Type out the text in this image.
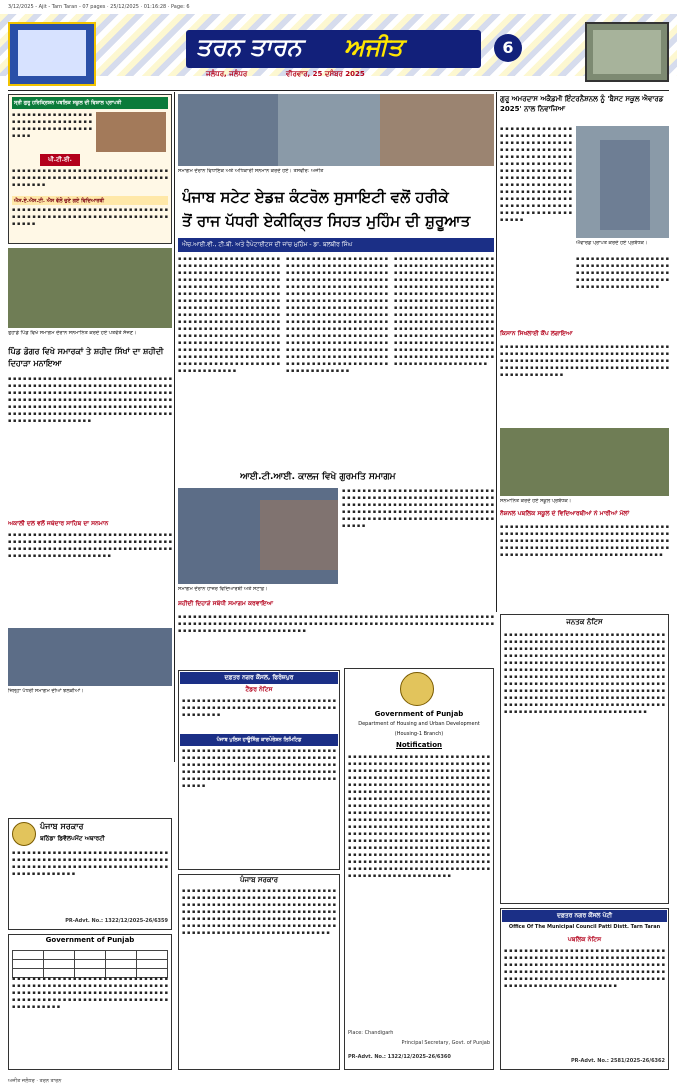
3/12/2025 - Ajit - Tarn Taran - 07 pages · 25/12/2025 · 01:16:28 · Page: 6
ਤਰਨ ਤਾਰਨ ਅਜੀਤ	6
ਜਲੰਧਰ, ਜਲੰਧਰ	ਵੀਰਵਾਰ, 25 ਦਸੰਬਰ 2025
ਸ੍ਰੀ ਗੁਰੂ ਹਰਿਕ੍ਰਿਸ਼ਨ ਪਬਲਿਕ ਸਕੂਲ ਦੀ ਵਿਸ਼ਾਲ ਪ੍ਰਾਪਤੀ
▪ ▪ ▪ ▪ ▪ ▪ ▪ ▪ ▪ ▪ ▪ ▪ ▪ ▪ ▪ ▪ ▪ ▪ ▪ ▪ ▪ ▪ ▪ ▪ ▪ ▪ ▪ ▪ ▪ ▪ ▪ ▪ ▪ ▪ ▪ ▪ ▪ ▪ ▪ ▪ ▪ ▪ ▪ ▪ ▪ ▪ ▪ ▪ ▪ ▪ ▪ ▪
ਪੀ.ਟੀ.ਈ.
▪ ▪ ▪ ▪ ▪ ▪ ▪ ▪ ▪ ▪ ▪ ▪ ▪ ▪ ▪ ▪ ▪ ▪ ▪ ▪ ▪ ▪ ▪ ▪ ▪ ▪ ▪ ▪ ▪ ▪ ▪ ▪ ▪ ▪ ▪ ▪ ▪ ▪ ▪ ▪ ▪ ▪ ▪ ▪ ▪ ▪ ▪ ▪ ▪ ▪ ▪ ▪ ▪ ▪ ▪ ▪ ▪ ▪ ▪ ▪ ▪ ▪ ▪ ▪ ▪ ▪ ▪ ▪ ▪
ਐਸ.ਏ.ਐਸ.ਟੀ. ਐਸ ਵੱਲੋਂ ਚੁਣੇ ਗਏ ਵਿਦਿਆਰਥੀ
▪ ▪ ▪ ▪ ▪ ▪ ▪ ▪ ▪ ▪ ▪ ▪ ▪ ▪ ▪ ▪ ▪ ▪ ▪ ▪ ▪ ▪ ▪ ▪ ▪ ▪ ▪ ▪ ▪ ▪ ▪ ▪ ▪ ▪ ▪ ▪ ▪ ▪ ▪ ▪ ▪ ▪ ▪ ▪ ▪ ▪ ▪ ▪ ▪ ▪ ▪ ▪ ▪ ▪ ▪ ▪ ▪ ▪ ▪ ▪ ▪ ▪ ▪ ▪ ▪ ▪ ▪
ਤੁਹਾਡੇ ਪਿੰਡ ਵਿਖੇ ਸਮਾਗਮ ਦੌਰਾਨ ਸਨਮਾਨਿਤ ਕਰਦੇ ਹੋਏ ਪਤਵੰਤੇ ਸੱਜਣ।
ਪਿੰਡ ਡੋਗਰ ਵਿਖੇ ਸਮਾਰਕਾਂ ਤੇ ਸ਼ਹੀਦ ਸਿੱਖਾਂ ਦਾ ਸ਼ਹੀਦੀ ਦਿਹਾੜਾ ਮਨਾਇਆ
▪ ▪ ▪ ▪ ▪ ▪ ▪ ▪ ▪ ▪ ▪ ▪ ▪ ▪ ▪ ▪ ▪ ▪ ▪ ▪ ▪ ▪ ▪ ▪ ▪ ▪ ▪ ▪ ▪ ▪ ▪ ▪ ▪ ▪ ▪ ▪ ▪ ▪ ▪ ▪ ▪ ▪ ▪ ▪ ▪ ▪ ▪ ▪ ▪ ▪ ▪ ▪ ▪ ▪ ▪ ▪ ▪ ▪ ▪ ▪ ▪ ▪ ▪ ▪ ▪ ▪ ▪ ▪ ▪ ▪ ▪ ▪ ▪ ▪ ▪ ▪ ▪ ▪ ▪ ▪ ▪ ▪ ▪ ▪ ▪ ▪ ▪ ▪ ▪ ▪ ▪ ▪ ▪ ▪ ▪ ▪ ▪ ▪ ▪ ▪ ▪ ▪ ▪ ▪ ▪ ▪ ▪ ▪ ▪ ▪ ▪ ▪ ▪ ▪ ▪ ▪ ▪ ▪ ▪ ▪ ▪ ▪ ▪ ▪ ▪ ▪ ▪ ▪ ▪ ▪ ▪ ▪ ▪ ▪ ▪ ▪ ▪ ▪ ▪ ▪ ▪ ▪ ▪ ▪ ▪ ▪ ▪ ▪ ▪ ▪ ▪ ▪ ▪ ▪ ▪ ▪ ▪ ▪ ▪ ▪ ▪ ▪ ▪ ▪ ▪ ▪ ▪ ▪ ▪ ▪ ▪ ▪ ▪ ▪ ▪ ▪ ▪ ▪ ▪ ▪ ▪ ▪ ▪ ▪ ▪ ▪ ▪ ▪ ▪ ▪ ▪ ▪ ▪ ▪ ▪ ▪ ▪ ▪ ▪ ▪ ▪ ▪ ▪ ▪ ▪ ▪ ▪ ▪ ▪ ▪ ▪ ▪ ▪ ▪ ▪
ਅਕਾਲੀ ਦਲ ਵਲੋਂ ਜਥੇਦਾਰ ਸਾਹਿਬ ਦਾ ਸਨਮਾਨ
▪ ▪ ▪ ▪ ▪ ▪ ▪ ▪ ▪ ▪ ▪ ▪ ▪ ▪ ▪ ▪ ▪ ▪ ▪ ▪ ▪ ▪ ▪ ▪ ▪ ▪ ▪ ▪ ▪ ▪ ▪ ▪ ▪ ▪ ▪ ▪ ▪ ▪ ▪ ▪ ▪ ▪ ▪ ▪ ▪ ▪ ▪ ▪ ▪ ▪ ▪ ▪ ▪ ▪ ▪ ▪ ▪ ▪ ▪ ▪ ▪ ▪ ▪ ▪ ▪ ▪ ▪ ▪ ▪ ▪ ▪ ▪ ▪ ▪ ▪ ▪ ▪ ▪ ▪ ▪ ▪ ▪ ▪ ▪ ▪ ▪ ▪ ▪ ▪ ▪ ▪ ▪ ▪ ▪ ▪ ▪ ▪ ▪ ▪ ▪ ▪ ▪ ▪ ▪ ▪ ▪ ▪ ▪ ▪ ▪ ▪ ▪ ▪ ▪ ▪ ▪ ▪ ▪ ▪ ▪
ਜ਼ਿਲ੍ਹਾ ਪੱਧਰੀ ਸਮਾਗਮ ਦੀਆਂ ਝਲਕੀਆਂ।
ਸਮਾਗਮ ਦੌਰਾਨ ਵਿਧਾਇਕ ਅਤੇ ਅਧਿਕਾਰੀ ਸਨਮਾਨ ਕਰਦੇ ਹੋਏ। ਤਸਵੀਰ: ਅਜੀਤ
ਪੰਜਾਬ ਸਟੇਟ ਏਡਜ਼ ਕੰਟਰੋਲ ਸੁਸਾਇਟੀ ਵਲੋਂ ਹਰੀਕੇ
ਤੋਂ ਰਾਜ ਪੱਧਰੀ ਏਕੀਕ੍ਰਿਤ ਸਿਹਤ ਮੁਹਿੰਮ ਦੀ ਸ਼ੁਰੂਆਤ
ਐਚ.ਆਈ.ਵੀ., ਟੀ.ਬੀ. ਅਤੇ ਹੈਪੇਟਾਈਟਸ ਦੀ ਜਾਂਚ ਮੁਹਿੰਮ - ਡਾ. ਬਲਬੀਰ ਸਿੰਘ
▪ ▪ ▪ ▪ ▪ ▪ ▪ ▪ ▪ ▪ ▪ ▪ ▪ ▪ ▪ ▪ ▪ ▪ ▪ ▪ ▪ ▪ ▪ ▪ ▪ ▪ ▪ ▪ ▪ ▪ ▪ ▪ ▪ ▪ ▪ ▪ ▪ ▪ ▪ ▪ ▪ ▪ ▪ ▪ ▪ ▪ ▪ ▪ ▪ ▪ ▪ ▪ ▪ ▪ ▪ ▪ ▪ ▪ ▪ ▪ ▪ ▪ ▪ ▪ ▪ ▪ ▪ ▪ ▪ ▪ ▪ ▪ ▪ ▪ ▪ ▪ ▪ ▪ ▪ ▪ ▪ ▪ ▪ ▪ ▪ ▪ ▪ ▪ ▪ ▪ ▪ ▪ ▪ ▪ ▪ ▪ ▪ ▪ ▪ ▪ ▪ ▪ ▪ ▪ ▪ ▪ ▪ ▪ ▪ ▪ ▪ ▪ ▪ ▪ ▪ ▪ ▪ ▪ ▪ ▪ ▪ ▪ ▪ ▪ ▪ ▪ ▪ ▪ ▪ ▪ ▪ ▪ ▪ ▪ ▪ ▪ ▪ ▪ ▪ ▪ ▪ ▪ ▪ ▪ ▪ ▪ ▪ ▪ ▪ ▪ ▪ ▪ ▪ ▪ ▪ ▪ ▪ ▪ ▪ ▪ ▪ ▪ ▪ ▪ ▪ ▪ ▪ ▪ ▪ ▪ ▪ ▪ ▪ ▪ ▪ ▪ ▪ ▪ ▪ ▪ ▪ ▪ ▪ ▪ ▪ ▪ ▪ ▪ ▪ ▪ ▪ ▪ ▪ ▪ ▪ ▪ ▪ ▪ ▪ ▪ ▪ ▪ ▪ ▪ ▪ ▪ ▪ ▪ ▪ ▪ ▪ ▪ ▪ ▪ ▪ ▪ ▪ ▪ ▪ ▪ ▪ ▪ ▪ ▪ ▪ ▪ ▪ ▪ ▪ ▪ ▪ ▪ ▪ ▪ ▪ ▪ ▪ ▪ ▪ ▪ ▪ ▪ ▪ ▪ ▪ ▪ ▪ ▪ ▪ ▪ ▪ ▪ ▪ ▪ ▪ ▪ ▪ ▪ ▪ ▪ ▪ ▪ ▪ ▪ ▪ ▪ ▪ ▪ ▪ ▪ ▪ ▪ ▪ ▪ ▪ ▪ ▪ ▪ ▪ ▪ ▪ ▪ ▪ ▪ ▪ ▪ ▪ ▪ ▪ ▪ ▪ ▪ ▪ ▪ ▪ ▪ ▪ ▪ ▪ ▪ ▪ ▪ ▪ ▪ ▪ ▪ ▪ ▪ ▪ ▪ ▪ ▪ ▪ ▪ ▪ ▪ ▪ ▪ ▪ ▪ ▪ ▪ ▪ ▪ ▪ ▪ ▪ ▪ ▪ ▪ ▪ ▪
▪ ▪ ▪ ▪ ▪ ▪ ▪ ▪ ▪ ▪ ▪ ▪ ▪ ▪ ▪ ▪ ▪ ▪ ▪ ▪ ▪ ▪ ▪ ▪ ▪ ▪ ▪ ▪ ▪ ▪ ▪ ▪ ▪ ▪ ▪ ▪ ▪ ▪ ▪ ▪ ▪ ▪ ▪ ▪ ▪ ▪ ▪ ▪ ▪ ▪ ▪ ▪ ▪ ▪ ▪ ▪ ▪ ▪ ▪ ▪ ▪ ▪ ▪ ▪ ▪ ▪ ▪ ▪ ▪ ▪ ▪ ▪ ▪ ▪ ▪ ▪ ▪ ▪ ▪ ▪ ▪ ▪ ▪ ▪ ▪ ▪ ▪ ▪ ▪ ▪ ▪ ▪ ▪ ▪ ▪ ▪ ▪ ▪ ▪ ▪ ▪ ▪ ▪ ▪ ▪ ▪ ▪ ▪ ▪ ▪ ▪ ▪ ▪ ▪ ▪ ▪ ▪ ▪ ▪ ▪ ▪ ▪ ▪ ▪ ▪ ▪ ▪ ▪ ▪ ▪ ▪ ▪ ▪ ▪ ▪ ▪ ▪ ▪ ▪ ▪ ▪ ▪ ▪ ▪ ▪ ▪ ▪ ▪ ▪ ▪ ▪ ▪ ▪ ▪ ▪ ▪ ▪ ▪ ▪ ▪ ▪ ▪ ▪ ▪ ▪ ▪ ▪ ▪ ▪ ▪ ▪ ▪ ▪ ▪ ▪ ▪ ▪ ▪ ▪ ▪ ▪ ▪ ▪ ▪ ▪ ▪ ▪ ▪ ▪ ▪ ▪ ▪ ▪ ▪ ▪ ▪ ▪ ▪ ▪ ▪ ▪ ▪ ▪ ▪ ▪ ▪ ▪ ▪ ▪ ▪ ▪ ▪ ▪ ▪ ▪ ▪ ▪ ▪ ▪ ▪ ▪ ▪ ▪ ▪ ▪ ▪ ▪ ▪ ▪ ▪ ▪ ▪ ▪ ▪ ▪ ▪ ▪ ▪ ▪ ▪ ▪ ▪ ▪ ▪ ▪ ▪ ▪ ▪ ▪ ▪ ▪ ▪ ▪ ▪ ▪ ▪ ▪ ▪ ▪ ▪ ▪ ▪ ▪ ▪ ▪ ▪ ▪ ▪ ▪ ▪ ▪ ▪ ▪ ▪ ▪ ▪ ▪ ▪ ▪ ▪ ▪ ▪ ▪ ▪ ▪ ▪ ▪ ▪ ▪ ▪ ▪ ▪ ▪ ▪ ▪ ▪ ▪ ▪ ▪ ▪ ▪ ▪ ▪ ▪ ▪ ▪ ▪ ▪ ▪ ▪ ▪ ▪ ▪ ▪ ▪ ▪ ▪ ▪ ▪ ▪ ▪ ▪ ▪ ▪ ▪ ▪ ▪ ▪ ▪ ▪ ▪ ▪ ▪
▪ ▪ ▪ ▪ ▪ ▪ ▪ ▪ ▪ ▪ ▪ ▪ ▪ ▪ ▪ ▪ ▪ ▪ ▪ ▪ ▪ ▪ ▪ ▪ ▪ ▪ ▪ ▪ ▪ ▪ ▪ ▪ ▪ ▪ ▪ ▪ ▪ ▪ ▪ ▪ ▪ ▪ ▪ ▪ ▪ ▪ ▪ ▪ ▪ ▪ ▪ ▪ ▪ ▪ ▪ ▪ ▪ ▪ ▪ ▪ ▪ ▪ ▪ ▪ ▪ ▪ ▪ ▪ ▪ ▪ ▪ ▪ ▪ ▪ ▪ ▪ ▪ ▪ ▪ ▪ ▪ ▪ ▪ ▪ ▪ ▪ ▪ ▪ ▪ ▪ ▪ ▪ ▪ ▪ ▪ ▪ ▪ ▪ ▪ ▪ ▪ ▪ ▪ ▪ ▪ ▪ ▪ ▪ ▪ ▪ ▪ ▪ ▪ ▪ ▪ ▪ ▪ ▪ ▪ ▪ ▪ ▪ ▪ ▪ ▪ ▪ ▪ ▪ ▪ ▪ ▪ ▪ ▪ ▪ ▪ ▪ ▪ ▪ ▪ ▪ ▪ ▪ ▪ ▪ ▪ ▪ ▪ ▪ ▪ ▪ ▪ ▪ ▪ ▪ ▪ ▪ ▪ ▪ ▪ ▪ ▪ ▪ ▪ ▪ ▪ ▪ ▪ ▪ ▪ ▪ ▪ ▪ ▪ ▪ ▪ ▪ ▪ ▪ ▪ ▪ ▪ ▪ ▪ ▪ ▪ ▪ ▪ ▪ ▪ ▪ ▪ ▪ ▪ ▪ ▪ ▪ ▪ ▪ ▪ ▪ ▪ ▪ ▪ ▪ ▪ ▪ ▪ ▪ ▪ ▪ ▪ ▪ ▪ ▪ ▪ ▪ ▪ ▪ ▪ ▪ ▪ ▪ ▪ ▪ ▪ ▪ ▪ ▪ ▪ ▪ ▪ ▪ ▪ ▪ ▪ ▪ ▪ ▪ ▪ ▪ ▪ ▪ ▪ ▪ ▪ ▪ ▪ ▪ ▪ ▪ ▪ ▪ ▪ ▪ ▪ ▪ ▪ ▪ ▪ ▪ ▪ ▪ ▪ ▪ ▪ ▪ ▪ ▪ ▪ ▪ ▪ ▪ ▪ ▪ ▪ ▪ ▪ ▪ ▪ ▪ ▪ ▪ ▪ ▪ ▪ ▪ ▪ ▪ ▪ ▪ ▪ ▪ ▪ ▪ ▪ ▪ ▪ ▪ ▪ ▪ ▪ ▪ ▪ ▪ ▪ ▪ ▪ ▪ ▪ ▪ ▪ ▪ ▪ ▪ ▪ ▪ ▪ ▪ ▪
ਆਈ.ਟੀ.ਆਈ. ਕਾਲਜ ਵਿਖੇ ਗੁਰਮਤਿ ਸਮਾਗਮ
▪ ▪ ▪ ▪ ▪ ▪ ▪ ▪ ▪ ▪ ▪ ▪ ▪ ▪ ▪ ▪ ▪ ▪ ▪ ▪ ▪ ▪ ▪ ▪ ▪ ▪ ▪ ▪ ▪ ▪ ▪ ▪ ▪ ▪ ▪ ▪ ▪ ▪ ▪ ▪ ▪ ▪ ▪ ▪ ▪ ▪ ▪ ▪ ▪ ▪ ▪ ▪ ▪ ▪ ▪ ▪ ▪ ▪ ▪ ▪ ▪ ▪ ▪ ▪ ▪ ▪ ▪ ▪ ▪ ▪ ▪ ▪ ▪ ▪ ▪ ▪ ▪ ▪ ▪ ▪ ▪ ▪ ▪ ▪ ▪ ▪ ▪ ▪ ▪ ▪ ▪ ▪ ▪ ▪ ▪ ▪ ▪ ▪ ▪ ▪ ▪ ▪ ▪ ▪ ▪ ▪ ▪ ▪ ▪ ▪ ▪ ▪ ▪ ▪ ▪ ▪ ▪ ▪ ▪ ▪ ▪ ▪ ▪ ▪ ▪ ▪ ▪ ▪ ▪ ▪ ▪ ▪ ▪ ▪ ▪ ▪ ▪ ▪ ▪ ▪ ▪ ▪ ▪ ▪ ▪ ▪ ▪ ▪ ▪ ▪ ▪ ▪ ▪ ▪ ▪
ਸਮਾਗਮ ਦੌਰਾਨ ਹਾਜ਼ਰ ਵਿਦਿਆਰਥੀ ਅਤੇ ਸਟਾਫ਼।
ਸ਼ਹੀਦੀ ਦਿਹਾੜੇ ਸਬੰਧੀ ਸਮਾਗਮ ਕਰਵਾਇਆ
▪ ▪ ▪ ▪ ▪ ▪ ▪ ▪ ▪ ▪ ▪ ▪ ▪ ▪ ▪ ▪ ▪ ▪ ▪ ▪ ▪ ▪ ▪ ▪ ▪ ▪ ▪ ▪ ▪ ▪ ▪ ▪ ▪ ▪ ▪ ▪ ▪ ▪ ▪ ▪ ▪ ▪ ▪ ▪ ▪ ▪ ▪ ▪ ▪ ▪ ▪ ▪ ▪ ▪ ▪ ▪ ▪ ▪ ▪ ▪ ▪ ▪ ▪ ▪ ▪ ▪ ▪ ▪ ▪ ▪ ▪ ▪ ▪ ▪ ▪ ▪ ▪ ▪ ▪ ▪ ▪ ▪ ▪ ▪ ▪ ▪ ▪ ▪ ▪ ▪ ▪ ▪ ▪ ▪ ▪ ▪ ▪ ▪ ▪ ▪ ▪ ▪ ▪ ▪ ▪ ▪ ▪ ▪ ▪ ▪ ▪ ▪ ▪ ▪ ▪ ▪ ▪ ▪ ▪ ▪ ▪ ▪ ▪ ▪ ▪ ▪ ▪ ▪ ▪ ▪ ▪ ▪ ▪ ▪ ▪ ▪ ▪ ▪ ▪ ▪ ▪ ▪ ▪ ▪ ▪ ▪ ▪ ▪ ▪ ▪ ▪ ▪
ਗੁਰੂ ਅਮਰਦਾਸ ਅਕੈਡਮੀ ਇੰਟਰਨੈਸ਼ਨਲ ਨੂੰ 'ਬੈਸਟ ਸਕੂਲ ਐਵਾਰਡ 2025' ਨਾਲ ਨਿਵਾਜਿਆ
▪ ▪ ▪ ▪ ▪ ▪ ▪ ▪ ▪ ▪ ▪ ▪ ▪ ▪ ▪ ▪ ▪ ▪ ▪ ▪ ▪ ▪ ▪ ▪ ▪ ▪ ▪ ▪ ▪ ▪ ▪ ▪ ▪ ▪ ▪ ▪ ▪ ▪ ▪ ▪ ▪ ▪ ▪ ▪ ▪ ▪ ▪ ▪ ▪ ▪ ▪ ▪ ▪ ▪ ▪ ▪ ▪ ▪ ▪ ▪ ▪ ▪ ▪ ▪ ▪ ▪ ▪ ▪ ▪ ▪ ▪ ▪ ▪ ▪ ▪ ▪ ▪ ▪ ▪ ▪ ▪ ▪ ▪ ▪ ▪ ▪ ▪ ▪ ▪ ▪ ▪ ▪ ▪ ▪ ▪ ▪ ▪ ▪ ▪ ▪ ▪ ▪ ▪ ▪ ▪ ▪ ▪ ▪ ▪ ▪ ▪ ▪ ▪ ▪ ▪ ▪ ▪ ▪ ▪ ▪ ▪ ▪ ▪ ▪ ▪ ▪ ▪ ▪ ▪ ▪ ▪ ▪ ▪ ▪ ▪ ▪ ▪ ▪ ▪ ▪ ▪ ▪ ▪ ▪ ▪ ▪ ▪ ▪ ▪ ▪ ▪ ▪ ▪ ▪ ▪ ▪ ▪ ▪ ▪ ▪ ▪ ▪ ▪ ▪ ▪ ▪ ▪ ▪ ▪ ▪ ▪ ▪ ▪ ▪ ▪ ▪ ▪ ▪ ▪ ▪ ▪ ▪ ▪ ▪ ▪ ▪ ▪
ਐਵਾਰਡ ਪ੍ਰਾਪਤ ਕਰਦੇ ਹੋਏ ਪ੍ਰਬੰਧਕ।
▪ ▪ ▪ ▪ ▪ ▪ ▪ ▪ ▪ ▪ ▪ ▪ ▪ ▪ ▪ ▪ ▪ ▪ ▪ ▪ ▪ ▪ ▪ ▪ ▪ ▪ ▪ ▪ ▪ ▪ ▪ ▪ ▪ ▪ ▪ ▪ ▪ ▪ ▪ ▪ ▪ ▪ ▪ ▪ ▪ ▪ ▪ ▪ ▪ ▪ ▪ ▪ ▪ ▪ ▪ ▪ ▪ ▪ ▪ ▪ ▪ ▪ ▪ ▪ ▪ ▪ ▪ ▪ ▪ ▪ ▪ ▪ ▪ ▪ ▪ ▪ ▪ ▪ ▪ ▪ ▪ ▪ ▪ ▪ ▪ ▪ ▪ ▪ ▪ ▪ ▪ ▪ ▪
ਕਿਸਾਨ ਸਿਖਲਾਈ ਕੈਂਪ ਲਗਾਇਆ
▪ ▪ ▪ ▪ ▪ ▪ ▪ ▪ ▪ ▪ ▪ ▪ ▪ ▪ ▪ ▪ ▪ ▪ ▪ ▪ ▪ ▪ ▪ ▪ ▪ ▪ ▪ ▪ ▪ ▪ ▪ ▪ ▪ ▪ ▪ ▪ ▪ ▪ ▪ ▪ ▪ ▪ ▪ ▪ ▪ ▪ ▪ ▪ ▪ ▪ ▪ ▪ ▪ ▪ ▪ ▪ ▪ ▪ ▪ ▪ ▪ ▪ ▪ ▪ ▪ ▪ ▪ ▪ ▪ ▪ ▪ ▪ ▪ ▪ ▪ ▪ ▪ ▪ ▪ ▪ ▪ ▪ ▪ ▪ ▪ ▪ ▪ ▪ ▪ ▪ ▪ ▪ ▪ ▪ ▪ ▪ ▪ ▪ ▪ ▪ ▪ ▪ ▪ ▪ ▪ ▪ ▪ ▪ ▪ ▪ ▪ ▪ ▪ ▪ ▪ ▪ ▪ ▪ ▪ ▪ ▪ ▪ ▪ ▪ ▪ ▪ ▪ ▪ ▪ ▪ ▪ ▪ ▪ ▪ ▪ ▪ ▪ ▪ ▪ ▪ ▪ ▪ ▪ ▪ ▪ ▪ ▪ ▪ ▪
ਸਨਮਾਨਿਤ ਕਰਦੇ ਹੋਏ ਸਕੂਲ ਪ੍ਰਬੰਧਕ।
ਨੈਸ਼ਨਲ ਪਬਲਿਕ ਸਕੂਲ ਦੇ ਵਿਦਿਆਰਥੀਆਂ ਨੇ ਮਾਰੀਆਂ ਮੱਲਾਂ
▪ ▪ ▪ ▪ ▪ ▪ ▪ ▪ ▪ ▪ ▪ ▪ ▪ ▪ ▪ ▪ ▪ ▪ ▪ ▪ ▪ ▪ ▪ ▪ ▪ ▪ ▪ ▪ ▪ ▪ ▪ ▪ ▪ ▪ ▪ ▪ ▪ ▪ ▪ ▪ ▪ ▪ ▪ ▪ ▪ ▪ ▪ ▪ ▪ ▪ ▪ ▪ ▪ ▪ ▪ ▪ ▪ ▪ ▪ ▪ ▪ ▪ ▪ ▪ ▪ ▪ ▪ ▪ ▪ ▪ ▪ ▪ ▪ ▪ ▪ ▪ ▪ ▪ ▪ ▪ ▪ ▪ ▪ ▪ ▪ ▪ ▪ ▪ ▪ ▪ ▪ ▪ ▪ ▪ ▪ ▪ ▪ ▪ ▪ ▪ ▪ ▪ ▪ ▪ ▪ ▪ ▪ ▪ ▪ ▪ ▪ ▪ ▪ ▪ ▪ ▪ ▪ ▪ ▪ ▪ ▪ ▪ ▪ ▪ ▪ ▪ ▪ ▪ ▪ ▪ ▪ ▪ ▪ ▪ ▪ ▪ ▪ ▪ ▪ ▪ ▪ ▪ ▪ ▪ ▪ ▪ ▪ ▪ ▪ ▪ ▪ ▪ ▪ ▪ ▪ ▪ ▪ ▪ ▪ ▪ ▪ ▪ ▪ ▪ ▪ ▪ ▪ ▪ ▪
ਦਫ਼ਤਰ ਨਗਰ ਕੌਂਸਲ, ਫਿਰੋਜ਼ਪੁਰ
ਟੈਂਡਰ ਨੋਟਿਸ
▪ ▪ ▪ ▪ ▪ ▪ ▪ ▪ ▪ ▪ ▪ ▪ ▪ ▪ ▪ ▪ ▪ ▪ ▪ ▪ ▪ ▪ ▪ ▪ ▪ ▪ ▪ ▪ ▪ ▪ ▪ ▪ ▪ ▪ ▪ ▪ ▪ ▪ ▪ ▪ ▪ ▪ ▪ ▪ ▪ ▪ ▪ ▪ ▪ ▪ ▪ ▪ ▪ ▪ ▪ ▪ ▪ ▪ ▪ ▪ ▪ ▪ ▪ ▪ ▪ ▪ ▪ ▪ ▪ ▪
ਪੰਜਾਬ ਪੁਲਿਸ ਹਾਊਸਿੰਗ ਕਾਰਪੋਰੇਸ਼ਨ ਲਿਮਿਟਿਡ
▪ ▪ ▪ ▪ ▪ ▪ ▪ ▪ ▪ ▪ ▪ ▪ ▪ ▪ ▪ ▪ ▪ ▪ ▪ ▪ ▪ ▪ ▪ ▪ ▪ ▪ ▪ ▪ ▪ ▪ ▪ ▪ ▪ ▪ ▪ ▪ ▪ ▪ ▪ ▪ ▪ ▪ ▪ ▪ ▪ ▪ ▪ ▪ ▪ ▪ ▪ ▪ ▪ ▪ ▪ ▪ ▪ ▪ ▪ ▪ ▪ ▪ ▪ ▪ ▪ ▪ ▪ ▪ ▪ ▪ ▪ ▪ ▪ ▪ ▪ ▪ ▪ ▪ ▪ ▪ ▪ ▪ ▪ ▪ ▪ ▪ ▪ ▪ ▪ ▪ ▪ ▪ ▪ ▪ ▪ ▪ ▪ ▪ ▪ ▪ ▪ ▪ ▪ ▪ ▪ ▪ ▪ ▪ ▪ ▪ ▪ ▪ ▪ ▪ ▪ ▪ ▪ ▪ ▪ ▪ ▪ ▪ ▪ ▪ ▪ ▪ ▪ ▪ ▪ ▪ ▪ ▪ ▪ ▪ ▪ ▪ ▪ ▪ ▪ ▪ ▪ ▪ ▪ ▪ ▪ ▪ ▪ ▪ ▪ ▪ ▪ ▪ ▪ ▪ ▪ ▪ ▪ ▪ ▪ ▪
ਪੰਜਾਬ ਸਰਕਾਰ
▪ ▪ ▪ ▪ ▪ ▪ ▪ ▪ ▪ ▪ ▪ ▪ ▪ ▪ ▪ ▪ ▪ ▪ ▪ ▪ ▪ ▪ ▪ ▪ ▪ ▪ ▪ ▪ ▪ ▪ ▪ ▪ ▪ ▪ ▪ ▪ ▪ ▪ ▪ ▪ ▪ ▪ ▪ ▪ ▪ ▪ ▪ ▪ ▪ ▪ ▪ ▪ ▪ ▪ ▪ ▪ ▪ ▪ ▪ ▪ ▪ ▪ ▪ ▪ ▪ ▪ ▪ ▪ ▪ ▪ ▪ ▪ ▪ ▪ ▪ ▪ ▪ ▪ ▪ ▪ ▪ ▪ ▪ ▪ ▪ ▪ ▪ ▪ ▪ ▪ ▪ ▪ ▪ ▪ ▪ ▪ ▪ ▪ ▪ ▪ ▪ ▪ ▪ ▪ ▪ ▪ ▪ ▪ ▪ ▪ ▪ ▪ ▪ ▪ ▪ ▪ ▪ ▪ ▪ ▪ ▪ ▪ ▪ ▪ ▪ ▪ ▪ ▪ ▪ ▪ ▪ ▪ ▪ ▪ ▪ ▪ ▪ ▪ ▪ ▪ ▪ ▪ ▪ ▪ ▪ ▪ ▪ ▪ ▪ ▪ ▪ ▪ ▪ ▪ ▪ ▪ ▪ ▪ ▪ ▪ ▪ ▪ ▪ ▪ ▪ ▪ ▪ ▪ ▪ ▪ ▪ ▪ ▪ ▪ ▪ ▪ ▪ ▪ ▪ ▪ ▪ ▪ ▪ ▪ ▪ ▪ ▪ ▪ ▪ ▪ ▪ ▪ ▪ ▪ ▪ ▪ ▪ ▪ ▪ ▪ ▪ ▪ ▪ ▪ ▪ ▪ ▪ ▪ ▪ ▪ ▪ ▪ ▪ ▪ ▪ ▪
ਪੰਜਾਬ ਸਰਕਾਰ
ਬਠਿੰਡਾ ਡਿਵੈਲਪਮੈਂਟ ਅਥਾਰਟੀ
▪ ▪ ▪ ▪ ▪ ▪ ▪ ▪ ▪ ▪ ▪ ▪ ▪ ▪ ▪ ▪ ▪ ▪ ▪ ▪ ▪ ▪ ▪ ▪ ▪ ▪ ▪ ▪ ▪ ▪ ▪ ▪ ▪ ▪ ▪ ▪ ▪ ▪ ▪ ▪ ▪ ▪ ▪ ▪ ▪ ▪ ▪ ▪ ▪ ▪ ▪ ▪ ▪ ▪ ▪ ▪ ▪ ▪ ▪ ▪ ▪ ▪ ▪ ▪ ▪ ▪ ▪ ▪ ▪ ▪ ▪ ▪ ▪ ▪ ▪ ▪ ▪ ▪ ▪ ▪ ▪ ▪ ▪ ▪ ▪ ▪ ▪ ▪ ▪ ▪ ▪ ▪ ▪ ▪ ▪ ▪ ▪ ▪ ▪ ▪ ▪ ▪ ▪ ▪ ▪ ▪
PR-Advt. No.: 1322/12/2025-26/6359
Government of Punjab

▪ ▪ ▪ ▪ ▪ ▪ ▪ ▪ ▪ ▪ ▪ ▪ ▪ ▪ ▪ ▪ ▪ ▪ ▪ ▪ ▪ ▪ ▪ ▪ ▪ ▪ ▪ ▪ ▪ ▪ ▪ ▪ ▪ ▪ ▪ ▪ ▪ ▪ ▪ ▪ ▪ ▪ ▪ ▪ ▪ ▪ ▪ ▪ ▪ ▪ ▪ ▪ ▪ ▪ ▪ ▪ ▪ ▪ ▪ ▪ ▪ ▪ ▪ ▪ ▪ ▪ ▪ ▪ ▪ ▪ ▪ ▪ ▪ ▪ ▪ ▪ ▪ ▪ ▪ ▪ ▪ ▪ ▪ ▪ ▪ ▪ ▪ ▪ ▪ ▪ ▪ ▪ ▪ ▪ ▪ ▪ ▪ ▪ ▪ ▪ ▪ ▪ ▪ ▪ ▪ ▪ ▪ ▪ ▪ ▪ ▪ ▪ ▪ ▪ ▪ ▪ ▪ ▪ ▪ ▪ ▪ ▪ ▪ ▪ ▪ ▪ ▪ ▪ ▪ ▪ ▪ ▪ ▪ ▪
Government of Punjab
Department of Housing and Urban Development
(Housing-1 Branch)
Notification
▪ ▪ ▪ ▪ ▪ ▪ ▪ ▪ ▪ ▪ ▪ ▪ ▪ ▪ ▪ ▪ ▪ ▪ ▪ ▪ ▪ ▪ ▪ ▪ ▪ ▪ ▪ ▪ ▪ ▪ ▪ ▪ ▪ ▪ ▪ ▪ ▪ ▪ ▪ ▪ ▪ ▪ ▪ ▪ ▪ ▪ ▪ ▪ ▪ ▪ ▪ ▪ ▪ ▪ ▪ ▪ ▪ ▪ ▪ ▪ ▪ ▪ ▪ ▪ ▪ ▪ ▪ ▪ ▪ ▪ ▪ ▪ ▪ ▪ ▪ ▪ ▪ ▪ ▪ ▪ ▪ ▪ ▪ ▪ ▪ ▪ ▪ ▪ ▪ ▪ ▪ ▪ ▪ ▪ ▪ ▪ ▪ ▪ ▪ ▪ ▪ ▪ ▪ ▪ ▪ ▪ ▪ ▪ ▪ ▪ ▪ ▪ ▪ ▪ ▪ ▪ ▪ ▪ ▪ ▪ ▪ ▪ ▪ ▪ ▪ ▪ ▪ ▪ ▪ ▪ ▪ ▪ ▪ ▪ ▪ ▪ ▪ ▪ ▪ ▪ ▪ ▪ ▪ ▪ ▪ ▪ ▪ ▪ ▪ ▪ ▪ ▪ ▪ ▪ ▪ ▪ ▪ ▪ ▪ ▪ ▪ ▪ ▪ ▪ ▪ ▪ ▪ ▪ ▪ ▪ ▪ ▪ ▪ ▪ ▪ ▪ ▪ ▪ ▪ ▪ ▪ ▪ ▪ ▪ ▪ ▪ ▪ ▪ ▪ ▪ ▪ ▪ ▪ ▪ ▪ ▪ ▪ ▪ ▪ ▪ ▪ ▪ ▪ ▪ ▪ ▪ ▪ ▪ ▪ ▪ ▪ ▪ ▪ ▪ ▪ ▪ ▪ ▪ ▪ ▪ ▪ ▪ ▪ ▪ ▪ ▪ ▪ ▪ ▪ ▪ ▪ ▪ ▪ ▪ ▪ ▪ ▪ ▪ ▪ ▪ ▪ ▪ ▪ ▪ ▪ ▪ ▪ ▪ ▪ ▪ ▪ ▪ ▪ ▪ ▪ ▪ ▪ ▪ ▪ ▪ ▪ ▪ ▪ ▪ ▪ ▪ ▪ ▪ ▪ ▪ ▪ ▪ ▪ ▪ ▪ ▪ ▪ ▪ ▪ ▪ ▪ ▪ ▪ ▪ ▪ ▪ ▪ ▪ ▪ ▪ ▪ ▪ ▪ ▪ ▪ ▪ ▪ ▪ ▪ ▪ ▪ ▪ ▪ ▪ ▪ ▪ ▪ ▪ ▪ ▪ ▪ ▪ ▪ ▪ ▪ ▪ ▪ ▪ ▪ ▪ ▪ ▪ ▪ ▪ ▪ ▪ ▪ ▪ ▪ ▪ ▪ ▪ ▪ ▪ ▪ ▪ ▪ ▪ ▪ ▪ ▪ ▪ ▪ ▪ ▪ ▪ ▪ ▪ ▪ ▪ ▪ ▪ ▪ ▪ ▪ ▪ ▪ ▪ ▪ ▪ ▪ ▪ ▪ ▪ ▪ ▪ ▪ ▪ ▪ ▪ ▪ ▪ ▪ ▪ ▪ ▪ ▪ ▪ ▪ ▪ ▪ ▪ ▪ ▪ ▪ ▪ ▪ ▪ ▪ ▪ ▪ ▪ ▪ ▪ ▪ ▪ ▪ ▪ ▪ ▪ ▪ ▪ ▪ ▪ ▪ ▪ ▪ ▪ ▪ ▪ ▪ ▪ ▪ ▪ ▪ ▪ ▪ ▪ ▪ ▪ ▪ ▪ ▪ ▪ ▪ ▪ ▪ ▪ ▪ ▪ ▪ ▪ ▪ ▪ ▪ ▪ ▪ ▪ ▪ ▪ ▪ ▪ ▪ ▪ ▪ ▪ ▪ ▪ ▪ ▪ ▪ ▪ ▪ ▪ ▪ ▪ ▪ ▪ ▪ ▪ ▪ ▪ ▪ ▪ ▪ ▪ ▪ ▪ ▪ ▪ ▪ ▪ ▪ ▪ ▪ ▪ ▪ ▪ ▪ ▪ ▪ ▪ ▪ ▪ ▪ ▪ ▪ ▪ ▪ ▪ ▪ ▪ ▪ ▪ ▪ ▪ ▪
Place: Chandigarh
Principal Secretary, Govt. of Punjab
PR-Advt. No.: 1322/12/2025-26/6360
ਜਨਤਕ ਨੋਟਿਸ
▪ ▪ ▪ ▪ ▪ ▪ ▪ ▪ ▪ ▪ ▪ ▪ ▪ ▪ ▪ ▪ ▪ ▪ ▪ ▪ ▪ ▪ ▪ ▪ ▪ ▪ ▪ ▪ ▪ ▪ ▪ ▪ ▪ ▪ ▪ ▪ ▪ ▪ ▪ ▪ ▪ ▪ ▪ ▪ ▪ ▪ ▪ ▪ ▪ ▪ ▪ ▪ ▪ ▪ ▪ ▪ ▪ ▪ ▪ ▪ ▪ ▪ ▪ ▪ ▪ ▪ ▪ ▪ ▪ ▪ ▪ ▪ ▪ ▪ ▪ ▪ ▪ ▪ ▪ ▪ ▪ ▪ ▪ ▪ ▪ ▪ ▪ ▪ ▪ ▪ ▪ ▪ ▪ ▪ ▪ ▪ ▪ ▪ ▪ ▪ ▪ ▪ ▪ ▪ ▪ ▪ ▪ ▪ ▪ ▪ ▪ ▪ ▪ ▪ ▪ ▪ ▪ ▪ ▪ ▪ ▪ ▪ ▪ ▪ ▪ ▪ ▪ ▪ ▪ ▪ ▪ ▪ ▪ ▪ ▪ ▪ ▪ ▪ ▪ ▪ ▪ ▪ ▪ ▪ ▪ ▪ ▪ ▪ ▪ ▪ ▪ ▪ ▪ ▪ ▪ ▪ ▪ ▪ ▪ ▪ ▪ ▪ ▪ ▪ ▪ ▪ ▪ ▪ ▪ ▪ ▪ ▪ ▪ ▪ ▪ ▪ ▪ ▪ ▪ ▪ ▪ ▪ ▪ ▪ ▪ ▪ ▪ ▪ ▪ ▪ ▪ ▪ ▪ ▪ ▪ ▪ ▪ ▪ ▪ ▪ ▪ ▪ ▪ ▪ ▪ ▪ ▪ ▪ ▪ ▪ ▪ ▪ ▪ ▪ ▪ ▪ ▪ ▪ ▪ ▪ ▪ ▪ ▪ ▪ ▪ ▪ ▪ ▪ ▪ ▪ ▪ ▪ ▪ ▪ ▪ ▪ ▪ ▪ ▪ ▪ ▪ ▪ ▪ ▪ ▪ ▪ ▪ ▪ ▪ ▪ ▪ ▪ ▪ ▪ ▪ ▪ ▪ ▪ ▪ ▪ ▪ ▪ ▪ ▪ ▪ ▪ ▪ ▪ ▪ ▪ ▪ ▪ ▪ ▪ ▪ ▪ ▪ ▪ ▪ ▪ ▪ ▪ ▪ ▪ ▪ ▪ ▪ ▪ ▪ ▪ ▪ ▪ ▪ ▪ ▪ ▪ ▪ ▪ ▪ ▪ ▪ ▪ ▪ ▪ ▪ ▪ ▪ ▪ ▪ ▪ ▪ ▪ ▪ ▪ ▪ ▪ ▪ ▪ ▪ ▪ ▪ ▪ ▪ ▪ ▪ ▪ ▪ ▪ ▪ ▪ ▪ ▪ ▪ ▪ ▪ ▪ ▪ ▪ ▪ ▪ ▪ ▪ ▪ ▪ ▪ ▪ ▪ ▪ ▪ ▪ ▪ ▪ ▪ ▪ ▪ ▪ ▪ ▪ ▪ ▪ ▪ ▪ ▪ ▪ ▪ ▪ ▪ ▪ ▪ ▪ ▪ ▪ ▪ ▪ ▪ ▪ ▪ ▪ ▪ ▪ ▪
ਦਫ਼ਤਰ ਨਗਰ ਕੌਂਸਲ ਪੱਟੀ
Office Of The Municipal Council Patti Distt. Tarn Taran
ਪਬਲਿਕ ਨੋਟਿਸ
▪ ▪ ▪ ▪ ▪ ▪ ▪ ▪ ▪ ▪ ▪ ▪ ▪ ▪ ▪ ▪ ▪ ▪ ▪ ▪ ▪ ▪ ▪ ▪ ▪ ▪ ▪ ▪ ▪ ▪ ▪ ▪ ▪ ▪ ▪ ▪ ▪ ▪ ▪ ▪ ▪ ▪ ▪ ▪ ▪ ▪ ▪ ▪ ▪ ▪ ▪ ▪ ▪ ▪ ▪ ▪ ▪ ▪ ▪ ▪ ▪ ▪ ▪ ▪ ▪ ▪ ▪ ▪ ▪ ▪ ▪ ▪ ▪ ▪ ▪ ▪ ▪ ▪ ▪ ▪ ▪ ▪ ▪ ▪ ▪ ▪ ▪ ▪ ▪ ▪ ▪ ▪ ▪ ▪ ▪ ▪ ▪ ▪ ▪ ▪ ▪ ▪ ▪ ▪ ▪ ▪ ▪ ▪ ▪ ▪ ▪ ▪ ▪ ▪ ▪ ▪ ▪ ▪ ▪ ▪ ▪ ▪ ▪ ▪ ▪ ▪ ▪ ▪ ▪ ▪ ▪ ▪ ▪ ▪ ▪ ▪ ▪ ▪ ▪ ▪ ▪ ▪ ▪ ▪ ▪ ▪ ▪ ▪ ▪ ▪ ▪ ▪ ▪ ▪ ▪ ▪ ▪ ▪ ▪ ▪ ▪ ▪ ▪ ▪ ▪ ▪ ▪ ▪ ▪ ▪ ▪ ▪ ▪ ▪ ▪ ▪ ▪ ▪ ▪ ▪ ▪ ▪ ▪
PR-Advt. No.: 2581/2025-26/6362
ਅਜੀਤ ਜਲੰਧਰ · ਤਰਨ ਤਾਰਨ
